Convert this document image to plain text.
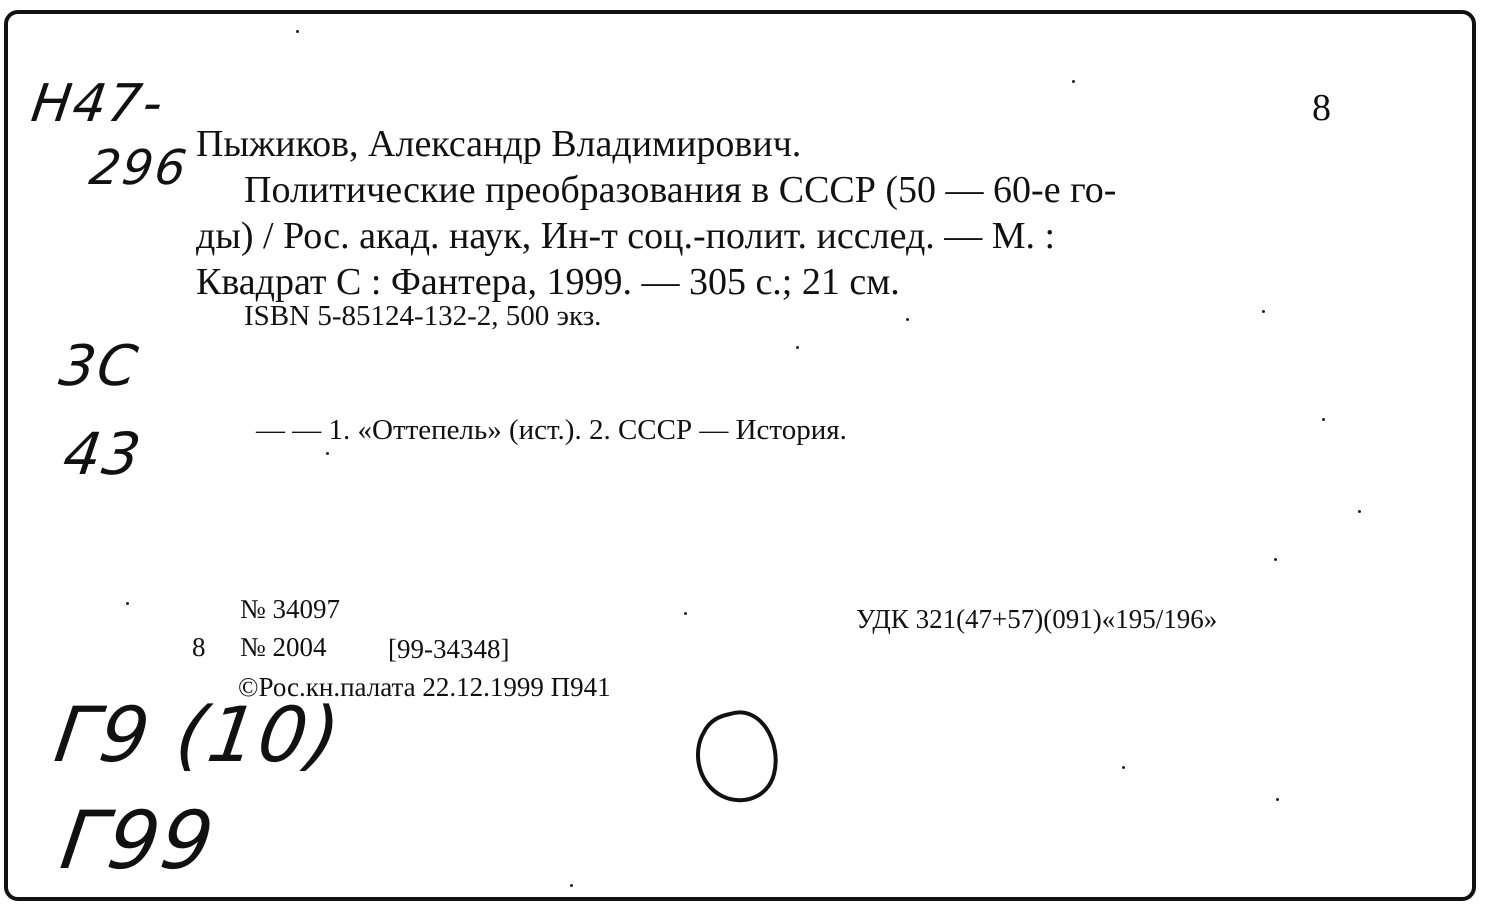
8
Пыжиков, Александр Владимирович.
Политические преобразования в СССР (50 — 60-е го-
ды) / Рос. акад. наук, Ин-т соц.-полит. исслед. — М. :
Квадрат С : Фантера, 1999. — 305 с.; 21 см.
ISBN 5-85124-132-2, 500 экз.
— — 1. «Оттепель» (ист.). 2. СССР — История.
№ 34097
8 № 2004 [99-34348]
©Рос.кн.палата 22.12.1999 П941
УДК 321(47+57)(091)«195/196»
Н47-
296
3С
43
Г9 (10)
Г99
